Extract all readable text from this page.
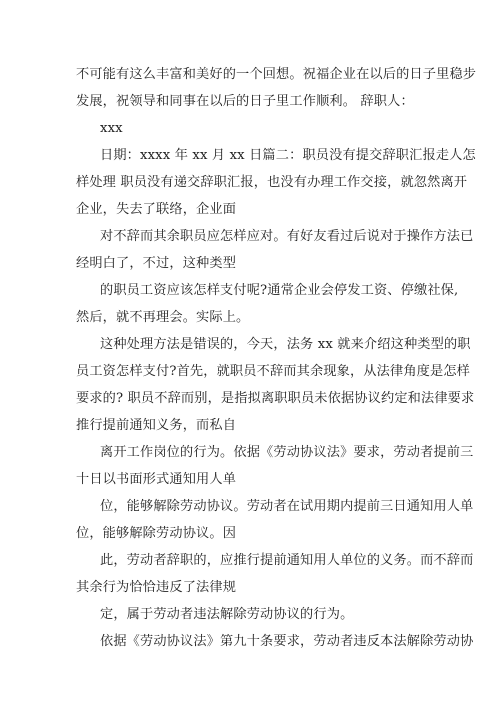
不可能有这么丰富和美好的一个回想。祝福企业在以后的日子里稳步
发展，祝领导和同事在以后的日子里工作顺利。 辞职人：
xxx
日期：xxxx 年 xx 月 xx 日篇二：职员没有提交辞职汇报走人怎
样处理 职员没有递交辞职汇报，也没有办理工作交接，就忽然离开
企业，失去了联络，企业面
对不辞而其余职员应怎样应对。有好友看过后说对于操作方法已
经明白了，不过，这种类型
的职员工资应该怎样支付呢?通常企业会停发工资、停缴社保,
然后，就不再理会。实际上。
这种处理方法是错误的，今天，法务 xx 就来介绍这种类型的职
员工资怎样支付?首先，就职员不辞而其余现象，从法律角度是怎样
要求的? 职员不辞而别，是指拟离职职员未依据协议约定和法律要求
推行提前通知义务，而私自
离开工作岗位的行为。依据《劳动协议法》要求，劳动者提前三
十日以书面形式通知用人单
位，能够解除劳动协议。劳动者在试用期内提前三日通知用人单
位，能够解除劳动协议。因
此，劳动者辞职的，应推行提前通知用人单位的义务。而不辞而
其余行为恰恰违反了法律规
定，属于劳动者违法解除劳动协议的行为。
依据《劳动协议法》第九十条要求，劳动者违反本法解除劳动协
